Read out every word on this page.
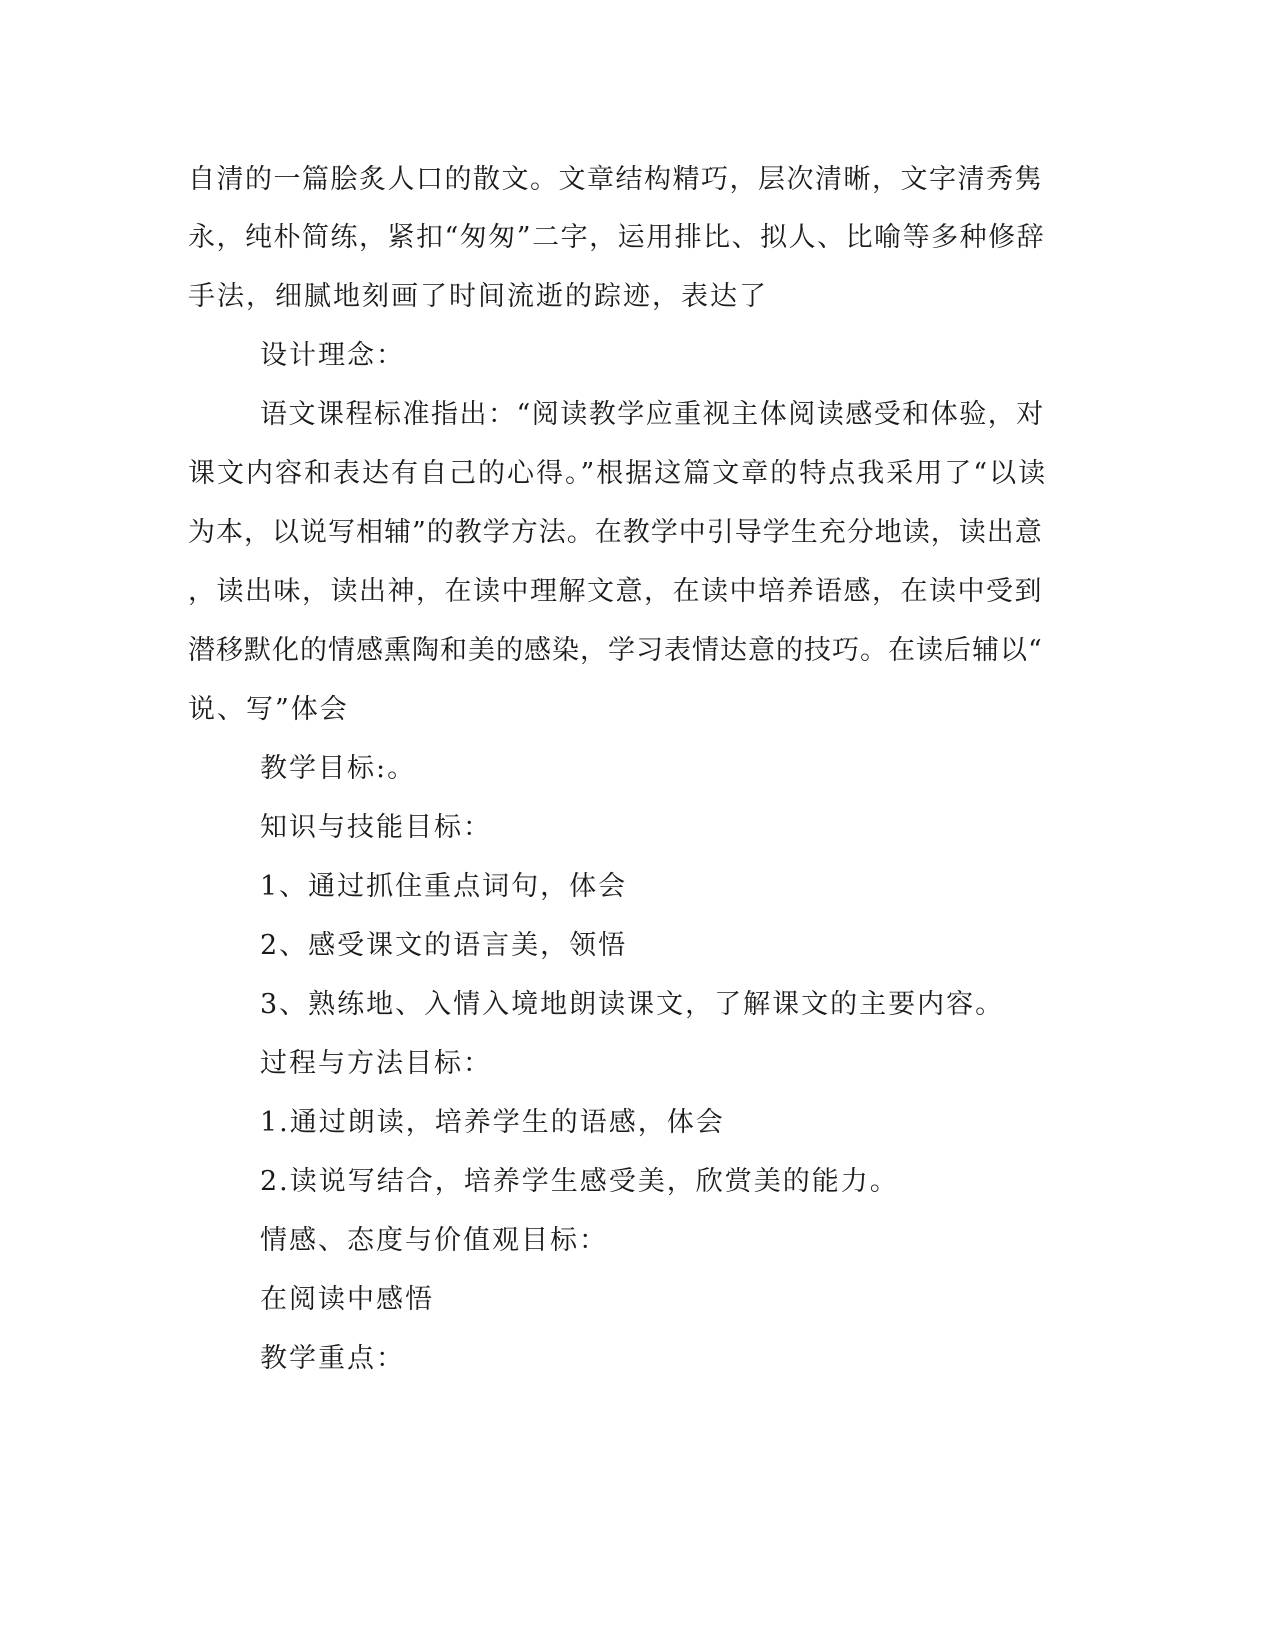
自清的一篇脍炙人口的散文。文章结构精巧，层次清晰，文字清秀隽
永，纯朴简练，紧扣“匆匆”二字，运用排比、拟人、比喻等多种修辞
手法，细腻地刻画了时间流逝的踪迹，表达了
设计理念：
语文课程标准指出：“阅读教学应重视主体阅读感受和体验，对
课文内容和表达有自己的心得。”根据这篇文章的特点我采用了“以读
为本，以说写相辅”的教学方法。在教学中引导学生充分地读，读出意
，读出味，读出神，在读中理解文意，在读中培养语感，在读中受到
潜移默化的情感熏陶和美的感染，学习表情达意的技巧。在读后辅以“
说、写”体会
教学目标:。
知识与技能目标：
1、通过抓住重点词句，体会
2、感受课文的语言美，领悟
3、熟练地、入情入境地朗读课文，了解课文的主要内容。
过程与方法目标：
1.通过朗读，培养学生的语感，体会
2.读说写结合，培养学生感受美，欣赏美的能力。
情感、态度与价值观目标：
在阅读中感悟
教学重点：
